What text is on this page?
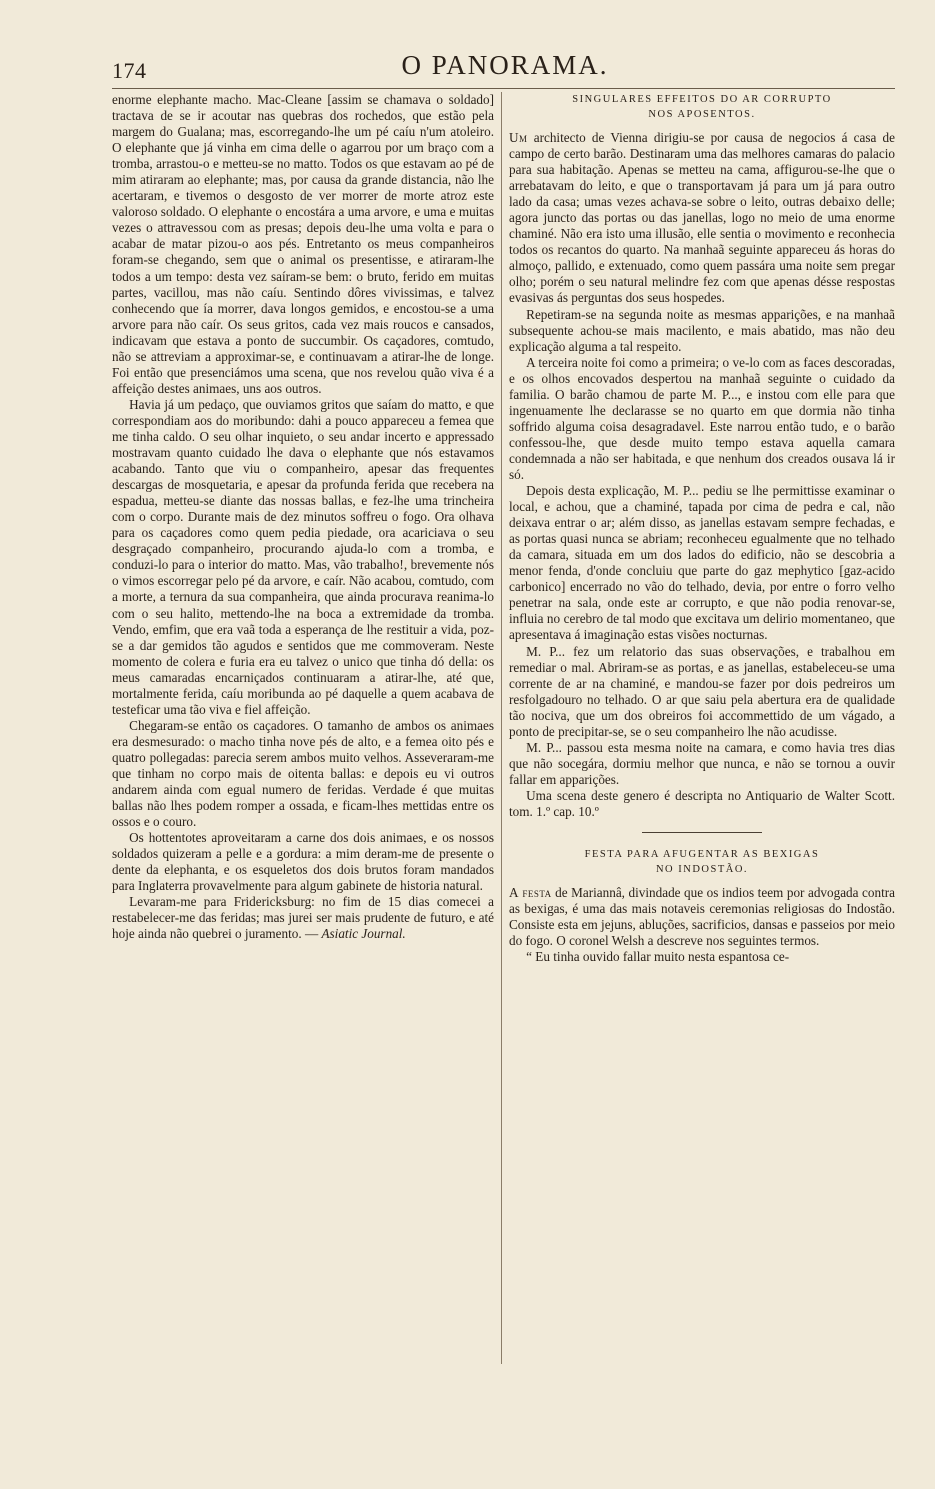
174	O PANORAMA.

enorme elephante macho. Mac-Cleane [assim se chamava o soldado] tractava de se ir acoutar nas quebras dos rochedos, que estão pela margem do Gualana; mas, escorregando-lhe um pé caíu n'um atoleiro. O elephante que já vinha em cima delle o agarrou por um braço com a tromba, arrastou-o e metteu-se no matto. Todos os que estavam ao pé de mim atiraram ao elephante; mas, por causa da grande distancia, não lhe acertaram, e tivemos o desgosto de ver morrer de morte atroz este valoroso soldado. O elephante o encostára a uma arvore, e uma e muitas vezes o attravessou com as presas; depois deu-lhe uma volta e para o acabar de matar pizou-o aos pés. Entretanto os meus companheiros foram-se chegando, sem que o animal os presentisse, e atiraram-lhe todos a um tempo: desta vez saíram-se bem: o bruto, ferido em muitas partes, vacillou, mas não caíu. Sentindo dôres vivissimas, e talvez conhecendo que ía morrer, dava longos gemidos, e encostou-se a uma arvore para não caír. Os seus gritos, cada vez mais roucos e cansados, indicavam que estava a ponto de succumbir. Os caçadores, comtudo, não se attreviam a approximar-se, e continuavam a atirar-lhe de longe. Foi então que presenciámos uma scena, que nos revelou quão viva é a affeição destes animaes, uns aos outros.

Havia já um pedaço, que ouviamos gritos que saíam do matto, e que correspondiam aos do moribundo: dahi a pouco appareceu a femea que me tinha caldo. O seu olhar inquieto, o seu andar incerto e appressado mostravam quanto cuidado lhe dava o elephante que nós estavamos acabando. Tanto que viu o companheiro, apesar das frequentes descargas de mosquetaria, e apesar da profunda ferida que recebera na espadua, metteu-se diante das nossas ballas, e fez-lhe uma trincheira com o corpo. Durante mais de dez minutos soffreu o fogo. Ora olhava para os caçadores como quem pedia piedade, ora acariciava o seu desgraçado companheiro, procurando ajuda-lo com a tromba, e conduzi-lo para o interior do matto. Mas, vão trabalho!, brevemente nós o vimos escorregar pelo pé da arvore, e caír. Não acabou, comtudo, com a morte, a ternura da sua companheira, que ainda procurava reanima-lo com o seu halito, mettendo-lhe na boca a extremidade da tromba. Vendo, emfim, que era vaã toda a esperança de lhe restituir a vida, poz-se a dar gemidos tão agudos e sentidos que me commoveram. Neste momento de colera e furia era eu talvez o unico que tinha dó della: os meus camaradas encarniçados continuaram a atirar-lhe, até que, mortalmente ferida, caíu moribunda ao pé daquelle a quem acabava de testeficar uma tão viva e fiel affeição.

Chegaram-se então os caçadores. O tamanho de ambos os animaes era desmesurado: o macho tinha nove pés de alto, e a femea oito pés e quatro pollegadas: parecia serem ambos muito velhos. Asseveraram-me que tinham no corpo mais de oitenta ballas: e depois eu vi outros andarem ainda com egual numero de feridas. Verdade é que muitas ballas não lhes podem romper a ossada, e ficam-lhes mettidas entre os ossos e o couro.

Os hottentotes aproveitaram a carne dos dois animaes, e os nossos soldados quizeram a pelle e a gordura: a mim deram-me de presente o dente da elephanta, e os esqueletos dos dois brutos foram mandados para Inglaterra provavelmente para algum gabinete de historia natural.

Levaram-me para Fridericksburg: no fim de 15 dias comecei a restabelecer-me das feridas; mas jurei ser mais prudente de futuro, e até hoje ainda não quebrei o juramento. — Asiatic Journal.

SINGULARES EFFEITOS DO AR CORRUPTO
NOS APOSENTOS.

Um architecto de Vienna dirigiu-se por causa de negocios á casa de campo de certo barão. Destinaram uma das melhores camaras do palacio para sua habitação. Apenas se metteu na cama, affigurou-se-lhe que o arrebatavam do leito, e que o transportavam já para um já para outro lado da casa; umas vezes achava-se sobre o leito, outras debaixo delle; agora juncto das portas ou das janellas, logo no meio de uma enorme chaminé. Não era isto uma illusão, elle sentia o movimento e reconhecia todos os recantos do quarto. Na manhaã seguinte appareceu ás horas do almoço, pallido, e extenuado, como quem passára uma noite sem pregar olho; porém o seu natural melindre fez com que apenas désse respostas evasivas ás perguntas dos seus hospedes.

Repetiram-se na segunda noite as mesmas apparições, e na manhaã subsequente achou-se mais macilento, e mais abatido, mas não deu explicação alguma a tal respeito.

A terceira noite foi como a primeira; o ve-lo com as faces descoradas, e os olhos encovados despertou na manhaã seguinte o cuidado da familia. O barão chamou de parte M. P..., e instou com elle para que ingenuamente lhe declarasse se no quarto em que dormia não tinha soffrido alguma coisa desagradavel. Este narrou então tudo, e o barão confessou-lhe, que desde muito tempo estava aquella camara condemnada a não ser habitada, e que nenhum dos creados ousava lá ir só.

Depois desta explicação, M. P... pediu se lhe permittisse examinar o local, e achou, que a chaminé, tapada por cima de pedra e cal, não deixava entrar o ar; além disso, as janellas estavam sempre fechadas, e as portas quasi nunca se abriam; reconheceu egualmente que no telhado da camara, situada em um dos lados do edificio, não se descobria a menor fenda, d'onde concluiu que parte do gaz mephytico [gaz-acido carbonico] encerrado no vão do telhado, devia, por entre o forro velho penetrar na sala, onde este ar corrupto, e que não podia renovar-se, influia no cerebro de tal modo que excitava um delirio momentaneo, que apresentava á imaginação estas visões nocturnas.

M. P... fez um relatorio das suas observações, e trabalhou em remediar o mal. Abriram-se as portas, e as janellas, estabeleceu-se uma corrente de ar na chaminé, e mandou-se fazer por dois pedreiros um resfolgadouro no telhado. O ar que saiu pela abertura era de qualidade tão nociva, que um dos obreiros foi accommettido de um vágado, a ponto de precipitar-se, se o seu companheiro lhe não acudisse.

M. P... passou esta mesma noite na camara, e como havia tres dias que não socegára, dormiu melhor que nunca, e não se tornou a ouvir fallar em apparições.

Uma scena deste genero é descripta no Antiquario de Walter Scott. tom. 1.º cap. 10.º

FESTA PARA AFUGENTAR AS BEXIGAS
NO INDOSTÃO.

A festa de Mariannâ, divindade que os indios teem por advogada contra as bexigas, é uma das mais notaveis ceremonias religiosas do Indostão. Consiste esta em jejuns, abluções, sacrificios, dansas e passeios por meio do fogo. O coronel Welsh a descreve nos seguintes termos.

“ Eu tinha ouvido fallar muito nesta espantosa ce-
